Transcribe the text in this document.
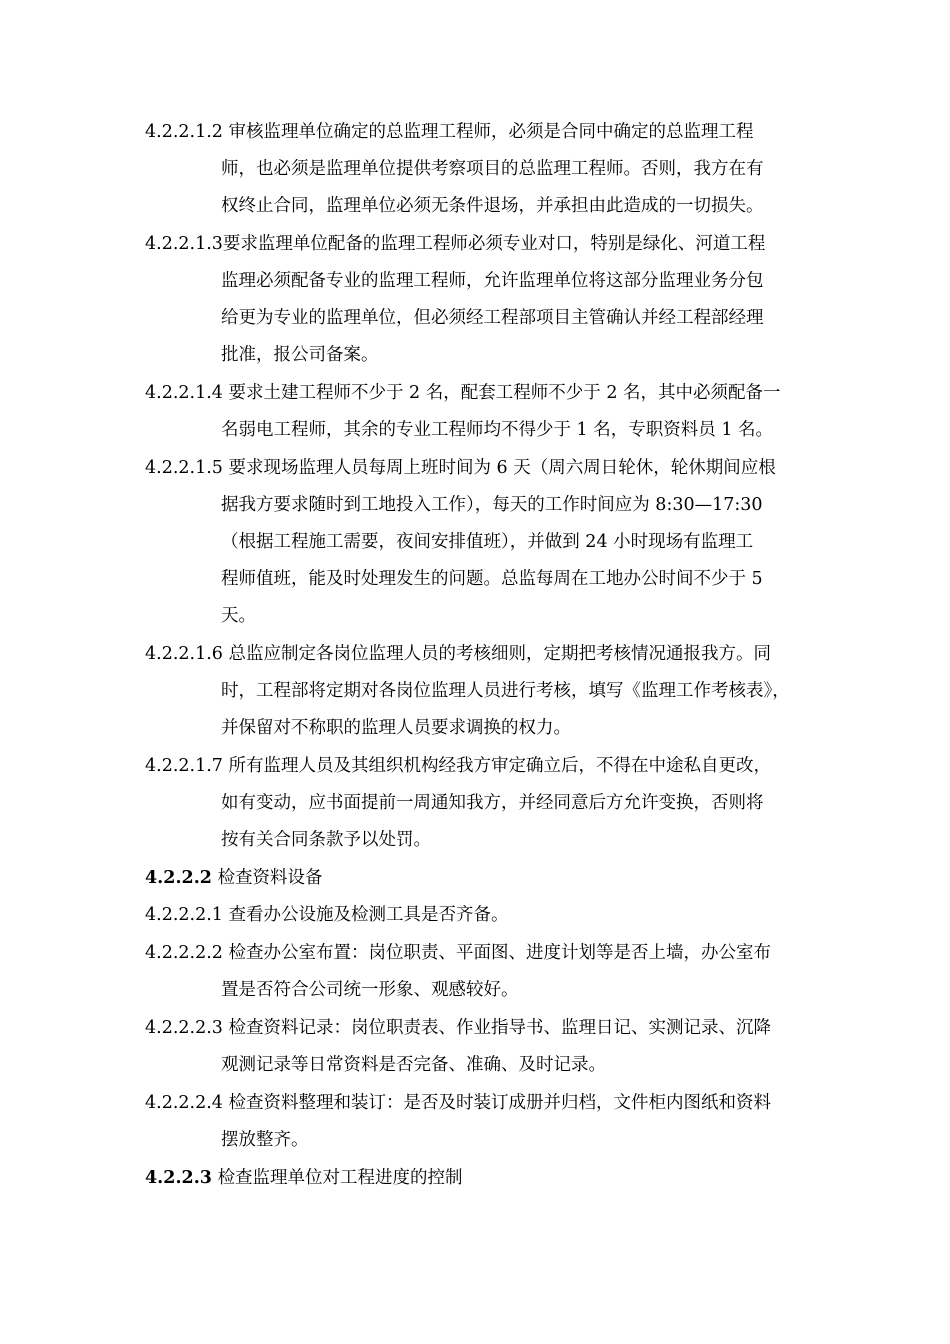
4.2.2.1.2 审核监理单位确定的总监理工程师，必须是合同中确定的总监理工程
师，也必须是监理单位提供考察项目的总监理工程师。否则，我方在有
权终止合同，监理单位必须无条件退场，并承担由此造成的一切损失。
4.2.2.1.3要求监理单位配备的监理工程师必须专业对口，特别是绿化、河道工程
监理必须配备专业的监理工程师，允许监理单位将这部分监理业务分包
给更为专业的监理单位，但必须经工程部项目主管确认并经工程部经理
批准，报公司备案。
4.2.2.1.4 要求土建工程师不少于 2 名，配套工程师不少于 2 名，其中必须配备一
名弱电工程师，其余的专业工程师均不得少于 1 名，专职资料员 1 名。
4.2.2.1.5 要求现场监理人员每周上班时间为 6 天（周六周日轮休，轮休期间应根
据我方要求随时到工地投入工作），每天的工作时间应为 8:30—17:30
（根据工程施工需要，夜间安排值班），并做到 24 小时现场有监理工
程师值班，能及时处理发生的问题。总监每周在工地办公时间不少于 5
天。
4.2.2.1.6 总监应制定各岗位监理人员的考核细则，定期把考核情况通报我方。同
时，工程部将定期对各岗位监理人员进行考核，填写《监理工作考核表》，
并保留对不称职的监理人员要求调换的权力。
4.2.2.1.7 所有监理人员及其组织机构经我方审定确立后，不得在中途私自更改，
如有变动，应书面提前一周通知我方，并经同意后方允许变换，否则将
按有关合同条款予以处罚。
4.2.2.2 检查资料设备
4.2.2.2.1 查看办公设施及检测工具是否齐备。
4.2.2.2.2 检查办公室布置：岗位职责、平面图、进度计划等是否上墙，办公室布
置是否符合公司统一形象、观感较好。
4.2.2.2.3 检查资料记录：岗位职责表、作业指导书、监理日记、实测记录、沉降
观测记录等日常资料是否完备、准确、及时记录。
4.2.2.2.4 检查资料整理和装订：是否及时装订成册并归档，文件柜内图纸和资料
摆放整齐。
4.2.2.3 检查监理单位对工程进度的控制
